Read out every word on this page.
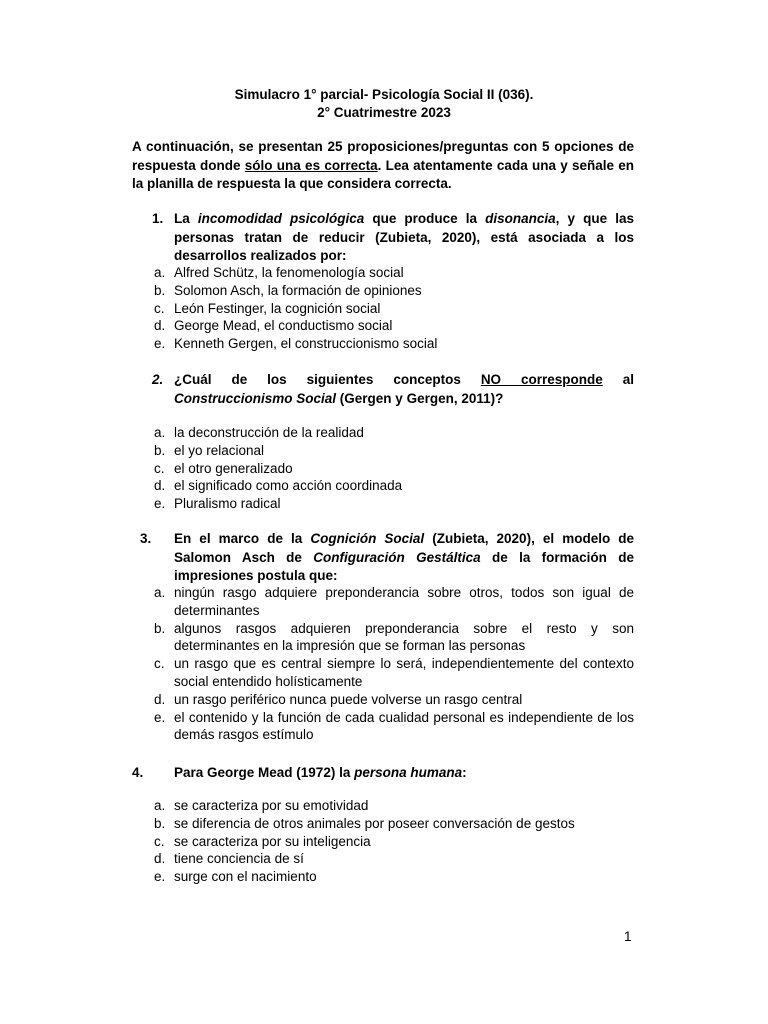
Simulacro 1° parcial- Psicología Social II (036).
2° Cuatrimestre 2023
A continuación, se presentan 25 proposiciones/preguntas con 5 opciones de respuesta donde sólo una es correcta. Lea atentamente cada una y señale en la planilla de respuesta la que considera correcta.
1. La incomodidad psicológica que produce la disonancia, y que las personas tratan de reducir (Zubieta, 2020), está asociada a los desarrollos realizados por:
a. Alfred Schütz, la fenomenología social
b. Solomon Asch, la formación de opiniones
c. León Festinger, la cognición social
d. George Mead, el conductismo social
e. Kenneth Gergen, el construccionismo social
2. ¿Cuál de los siguientes conceptos NO corresponde al Construccionismo Social (Gergen y Gergen, 2011)?
a. la deconstrucción de la realidad
b. el yo relacional
c. el otro generalizado
d. el significado como acción coordinada
e. Pluralismo radical
3. En el marco de la Cognición Social (Zubieta, 2020), el modelo de Salomon Asch de Configuración Gestáltica de la formación de impresiones postula que:
a. ningún rasgo adquiere preponderancia sobre otros, todos son igual de determinantes
b. algunos rasgos adquieren preponderancia sobre el resto y son determinantes en la impresión que se forman las personas
c. un rasgo que es central siempre lo será, independientemente del contexto social entendido holísticamente
d. un rasgo periférico nunca puede volverse un rasgo central
e. el contenido y la función de cada cualidad personal es independiente de los demás rasgos estímulo
4. Para George Mead (1972) la persona humana:
a. se caracteriza por su emotividad
b. se diferencia de otros animales por poseer conversación de gestos
c. se caracteriza por su inteligencia
d. tiene conciencia de sí
e. surge con el nacimiento
1
